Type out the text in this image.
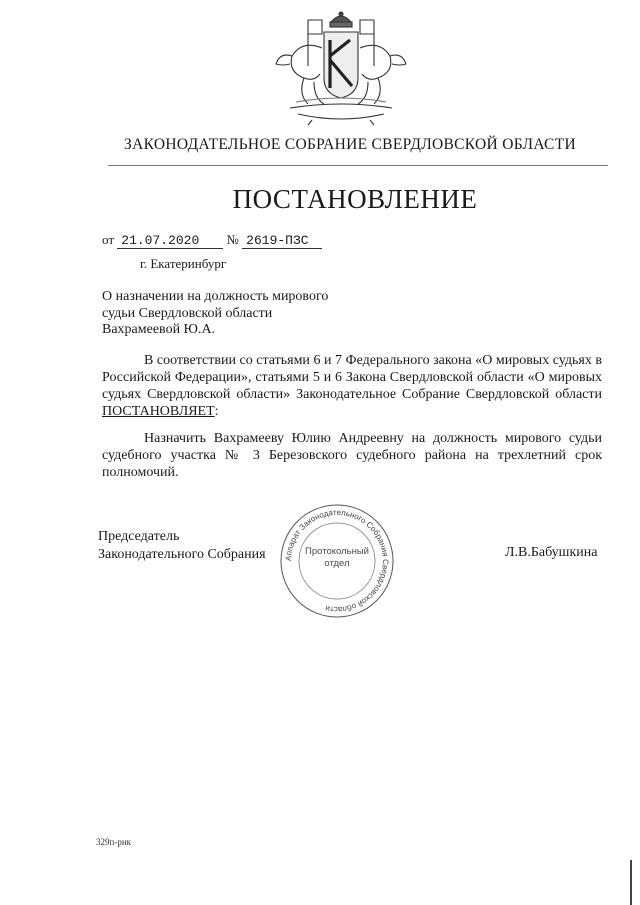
ЗАКОНОДАТЕЛЬНОЕ СОБРАНИЕ СВЕРДЛОВСКОЙ ОБЛАСТИ
ПОСТАНОВЛЕНИЕ
от 21.07.2020 № 2619-ПЗС
г. Екатеринбург
О назначении на должность мирового судьи Свердловской области Вахрамеевой Ю.А.
В соответствии со статьями 6 и 7 Федерального закона «О мировых судьях в Российской Федерации», статьями 5 и 6 Закона Свердловской области «О мировых судьях Свердловской области» Законодательное Собрание Свердловской области ПОСТАНОВЛЯЕТ:
Назначить Вахрамееву Юлию Андреевну на должность мирового судьи судебного участка № 3 Березовского судебного района на трехлетний срок полномочий.
Председатель
Законодательного Собрания Аппарат Законодательного Собрания Свердловской области
Протокольный
отдел
Л.В.Бабушкина
329п-рнк
